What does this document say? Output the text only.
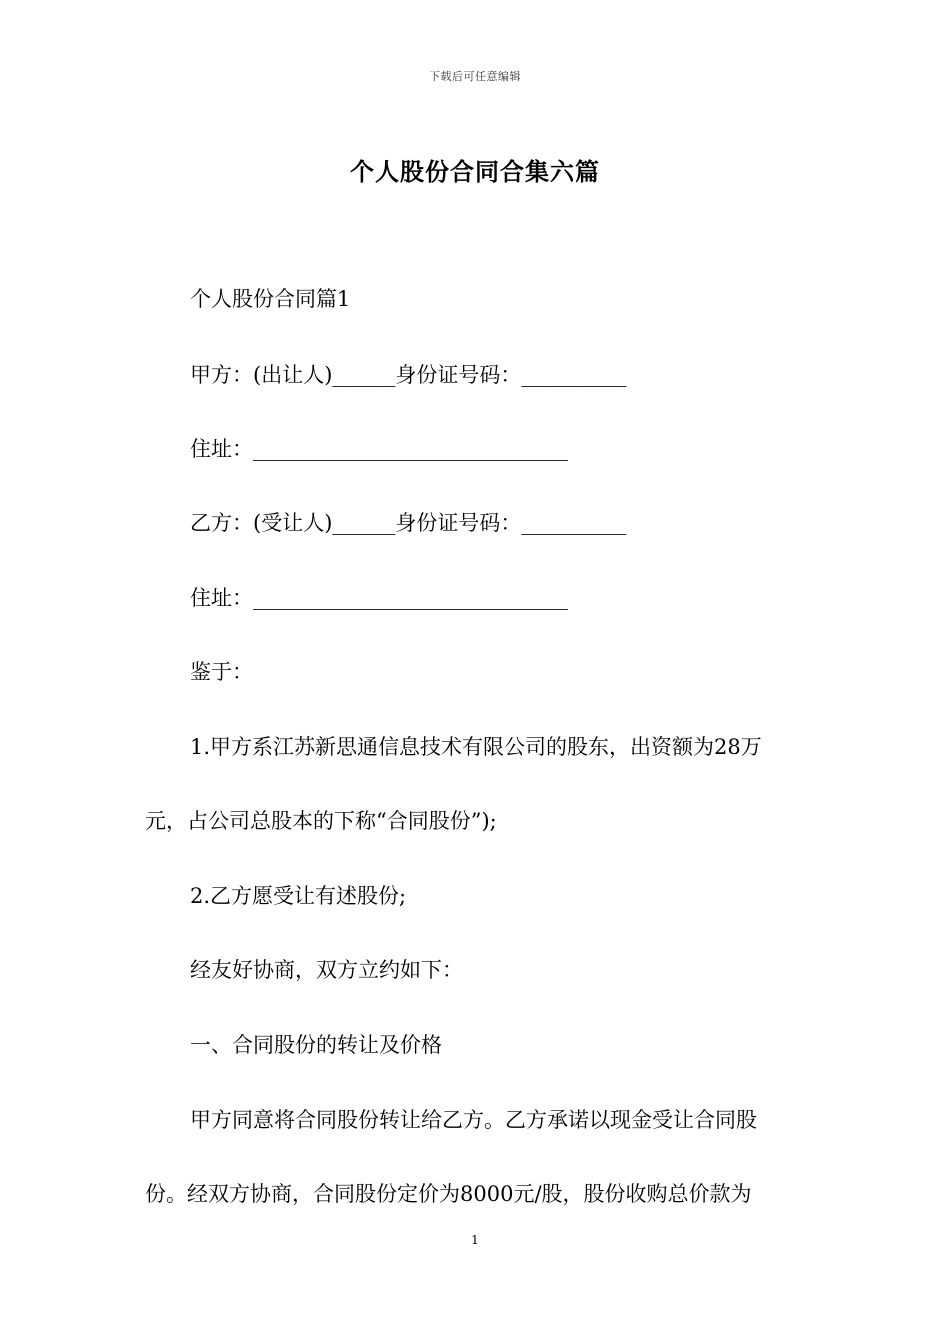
下载后可任意编辑
个人股份合同合集六篇
个人股份合同篇1
甲方：(出让人)______身份证号码：__________
住址：______________________________
乙方：(受让人)______身份证号码：__________
住址：______________________________
鉴于：
1.甲方系江苏新思通信息技术有限公司的股东，出资额为28万
元，占公司总股本的下称“合同股份”);
2.乙方愿受让有述股份;
经友好协商，双方立约如下：
一、合同股份的转让及价格
甲方同意将合同股份转让给乙方。乙方承诺以现金受让合同股
份。经双方协商，合同股份定价为8000元/股，股份收购总价款为
1
